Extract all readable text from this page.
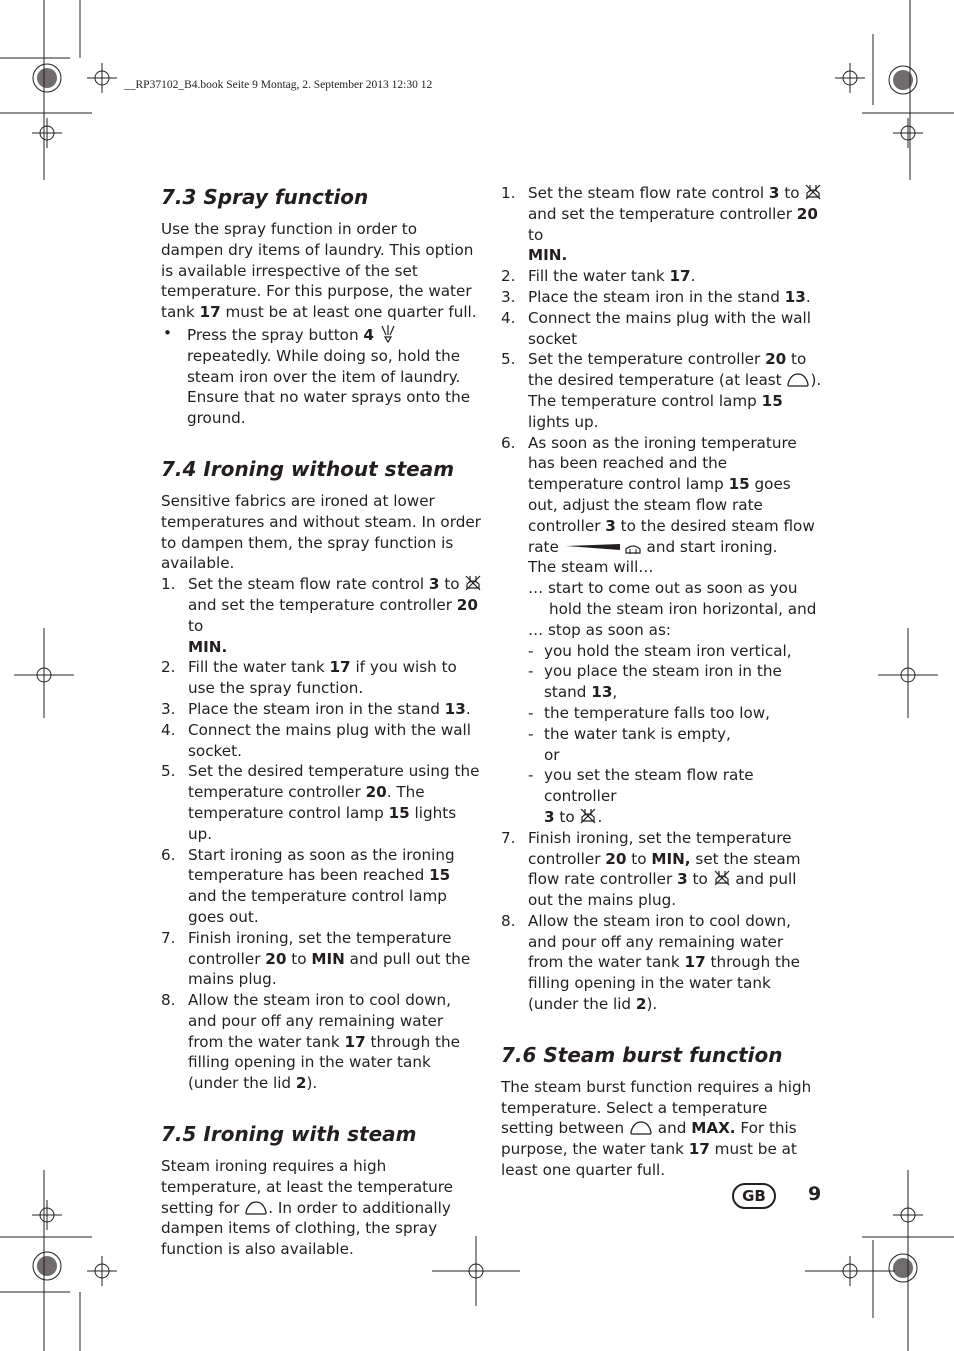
__RP37102_B4.book Seite 9 Montag, 2. September 2013 12:30 12
7.3 Spray function

Use the spray function in order to dampen dry items of laundry. This option is available irrespective of the set temperature. For this purpose, the water tank 17 must be at least one quarter full.

• Press the spray button 4  repeatedly. While doing so, hold the steam iron over the item of laundry. Ensure that no water sprays onto the ground.
7.4 Ironing without steam

Sensitive fabrics are ironed at lower temperatures and without steam. In order to dampen them, the spray function is available.

1. Set the steam flow rate control 3 to  and set the temperature controller 20 to
MIN.
2. Fill the water tank 17 if you wish to use the spray function.
3. Place the steam iron in the stand 13.
4. Connect the mains plug with the wall socket.
5. Set the desired temperature using the temperature controller 20. The temperature control lamp 15 lights up.
6. Start ironing as soon as the ironing temperature has been reached 15 and the temperature control lamp goes out.
7. Finish ironing, set the temperature controller 20 to MIN and pull out the mains plug.
8. Allow the steam iron to cool down, and pour off any remaining water from the water tank 17 through the filling opening in the water tank (under the lid 2).
7.5 Ironing with steam

Steam ironing requires a high temperature, at least the temperature setting for . In order to additionally dampen items of clothing, the spray function is also available.

1. Set the steam flow rate control 3 to  and set the temperature controller 20 to
MIN.
2. Fill the water tank 17.
3. Place the steam iron in the stand 13.
4. Connect the mains plug with the wall socket
5. Set the temperature controller 20 to the desired temperature (at least ). The temperature control lamp 15 lights up.
6. As soon as the ironing temperature has been reached and the temperature control lamp 15 goes out, adjust the steam flow rate controller 3 to the desired steam flow rate	and start ironing.

The steam will…

… start to come out as soon as you hold the steam iron horizontal, and

… stop as soon as:

- you hold the steam iron vertical,
- you place the steam iron in the stand 13,
- the temperature falls too low,
- the water tank is empty,
or
- you set the steam flow rate controller
3 to .
7. Finish ironing, set the temperature controller 20 to MIN, set the steam flow rate controller 3 to  and pull out the mains plug.
8. Allow the steam iron to cool down, and pour off any remaining water from the water tank 17 through the filling opening in the water tank (under the lid 2).
7.6 Steam burst function

The steam burst function requires a high temperature. Select a temperature setting between  and MAX. For this purpose, the water tank 17 must be at least one quarter full.

GB	9
